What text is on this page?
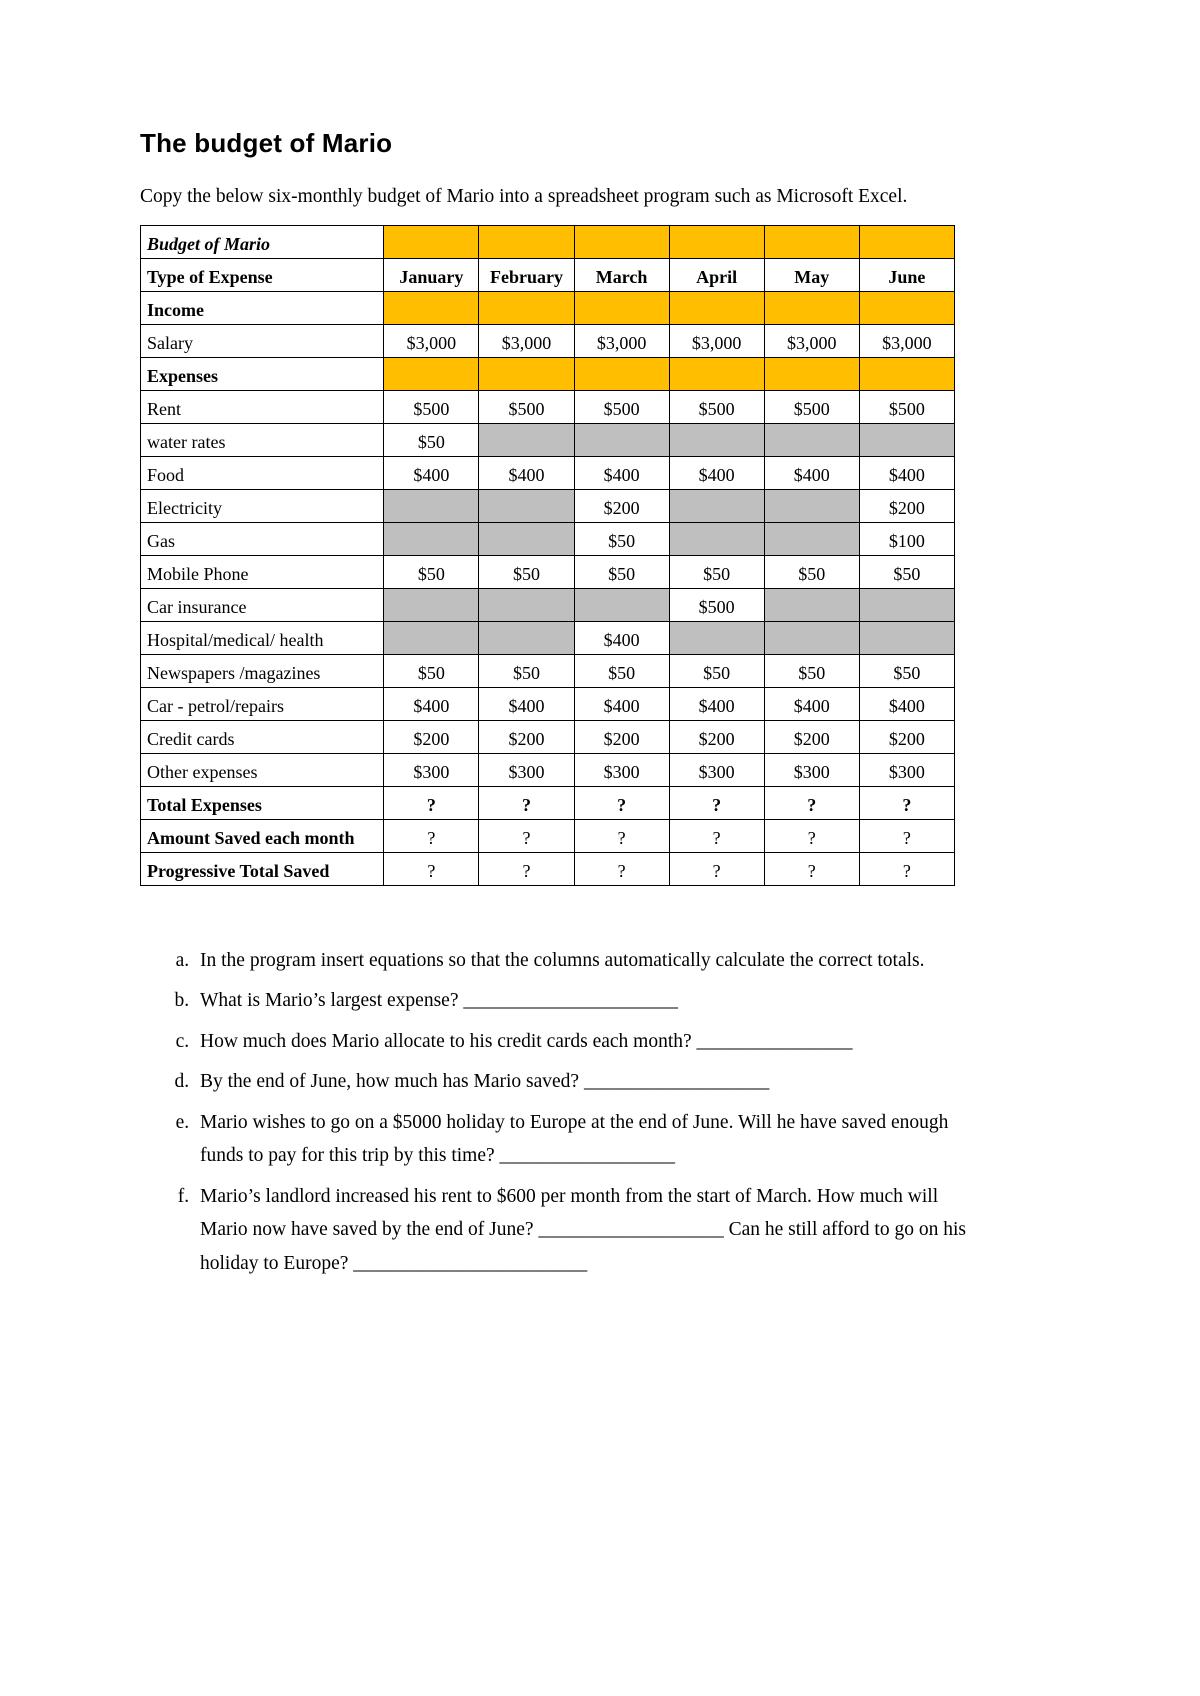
The budget of Mario

Copy the below six-monthly budget of Mario into a spreadsheet program such as Microsoft Excel.

Budget of Mario						
Type of Expense	January	February	March	April	May	June
Income						
Salary	$3,000	$3,000	$3,000	$3,000	$3,000	$3,000
Expenses						
Rent	$500	$500	$500	$500	$500	$500
water rates	$50					
Food	$400	$400	$400	$400	$400	$400
Electricity			$200			$200
Gas			$50			$100
Mobile Phone	$50	$50	$50	$50	$50	$50
Car insurance				$500		
Hospital/medical/ health			$400			
Newspapers /magazines	$50	$50	$50	$50	$50	$50
Car - petrol/repairs	$400	$400	$400	$400	$400	$400
Credit cards	$200	$200	$200	$200	$200	$200
Other expenses	$300	$300	$300	$300	$300	$300
Total Expenses	?	?	?	?	?	?
Amount Saved each month	?	?	?	?	?	?
Progressive Total Saved	?	?	?	?	?	?
a. In the program insert equations so that the columns automatically calculate the correct totals.
b. What is Mario’s largest expense? ______________________
c. How much does Mario allocate to his credit cards each month? ________________
d. By the end of June, how much has Mario saved? ___________________
e. Mario wishes to go on a $5000 holiday to Europe at the end of June. Will he have saved enough funds to pay for this trip by this time? __________________
f. Mario’s landlord increased his rent to $600 per month from the start of March. How much will Mario now have saved by the end of June? ___________________ Can he still afford to go on his holiday to Europe? ________________________
